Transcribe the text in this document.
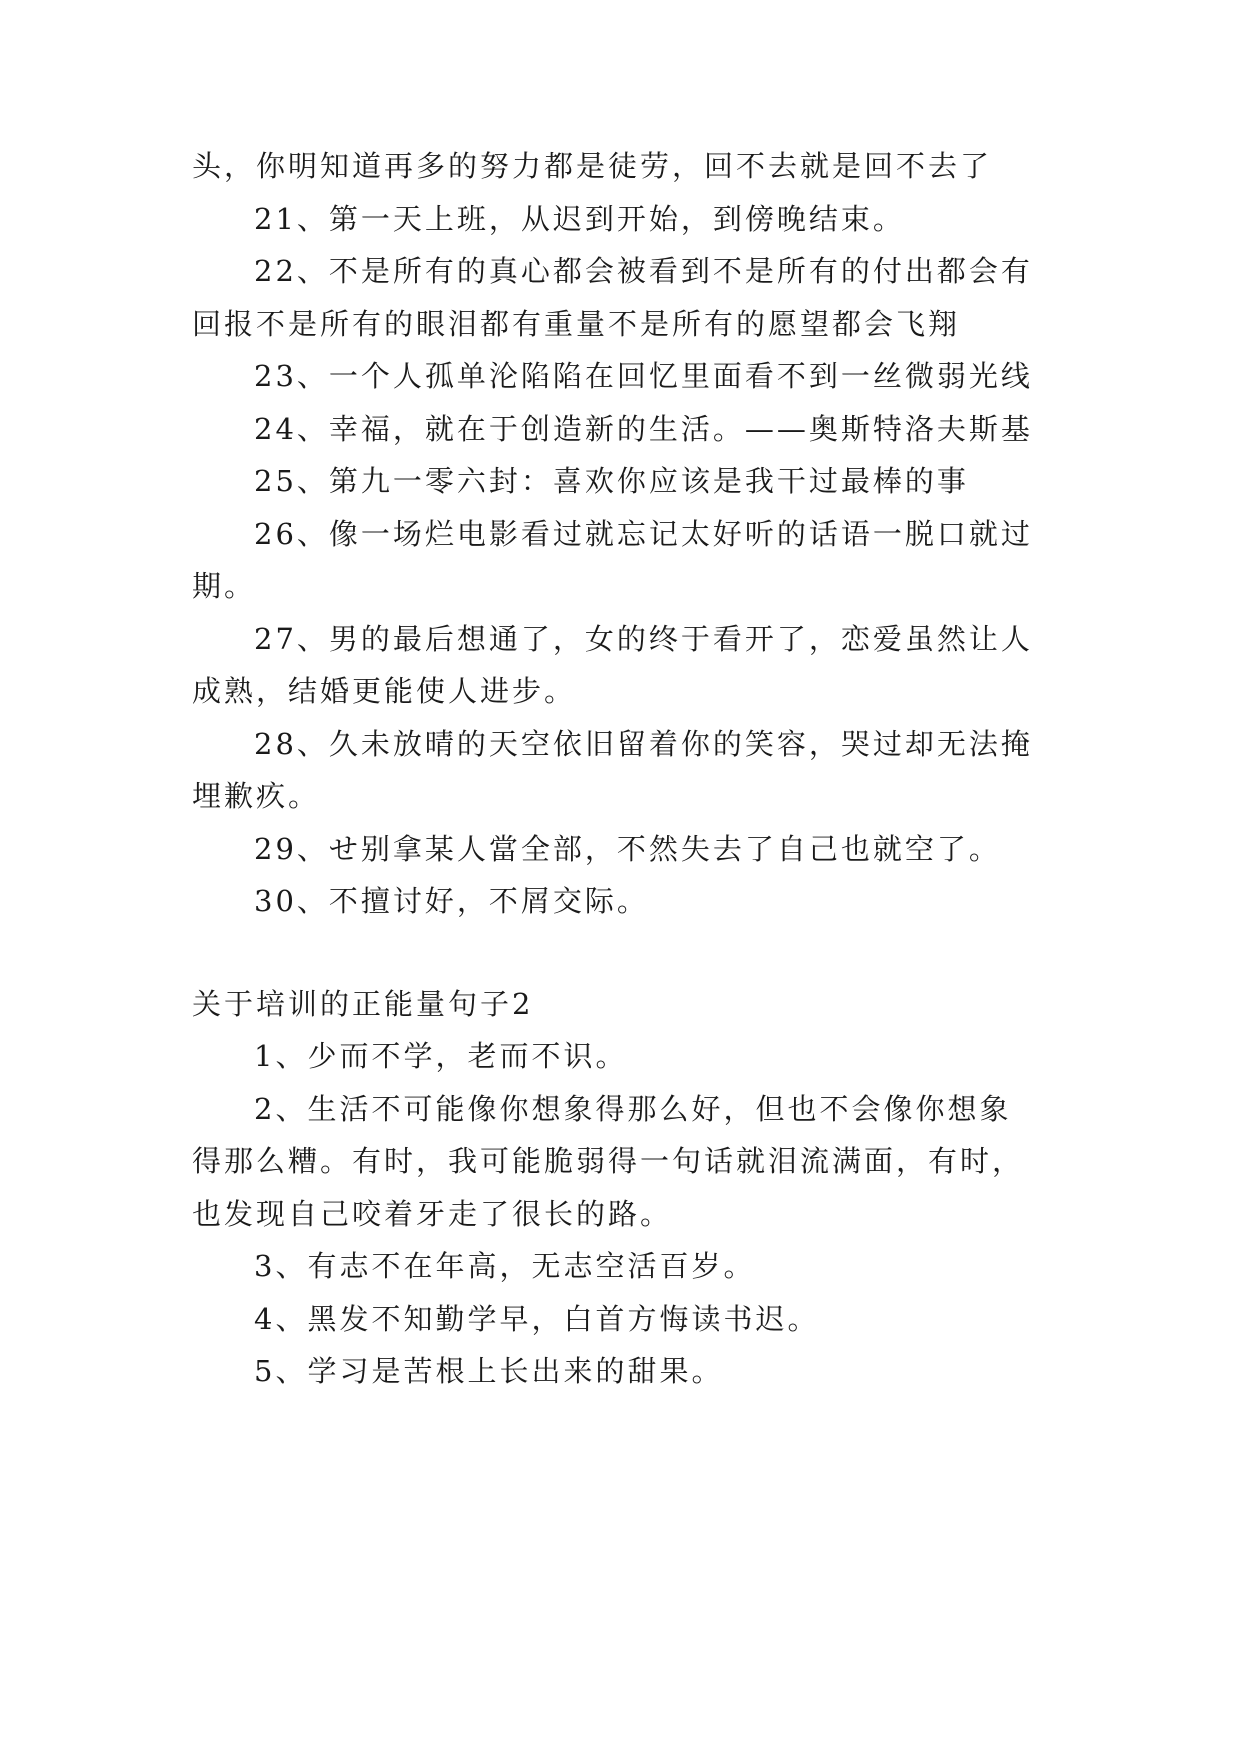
头，你明知道再多的努力都是徒劳，回不去就是回不去了
21、第一天上班，从迟到开始，到傍晚结束。
22、不是所有的真心都会被看到不是所有的付出都会有
回报不是所有的眼泪都有重量不是所有的愿望都会飞翔
23、一个人孤单沦陷陷在回忆里面看不到一丝微弱光线
24、幸福，就在于创造新的生活。——奥斯特洛夫斯基
25、第九一零六封：喜欢你应该是我干过最棒的事
26、像一场烂电影看过就忘记太好听的话语一脱口就过
期。
27、男的最后想通了，女的终于看开了，恋爱虽然让人
成熟，结婚更能使人进步。
28、久未放晴的天空依旧留着你的笑容，哭过却无法掩
埋歉疚。
29、せ别拿某人當全部，不然失去了自己也就空了。
30、不擅讨好，不屑交际。
关于培训的正能量句子2
1、少而不学，老而不识。
2、生活不可能像你想象得那么好，但也不会像你想象
得那么糟。有时，我可能脆弱得一句话就泪流满面，有时，
也发现自己咬着牙走了很长的路。
3、有志不在年高，无志空活百岁。
4、黑发不知勤学早，白首方悔读书迟。
5、学习是苦根上长出来的甜果。
